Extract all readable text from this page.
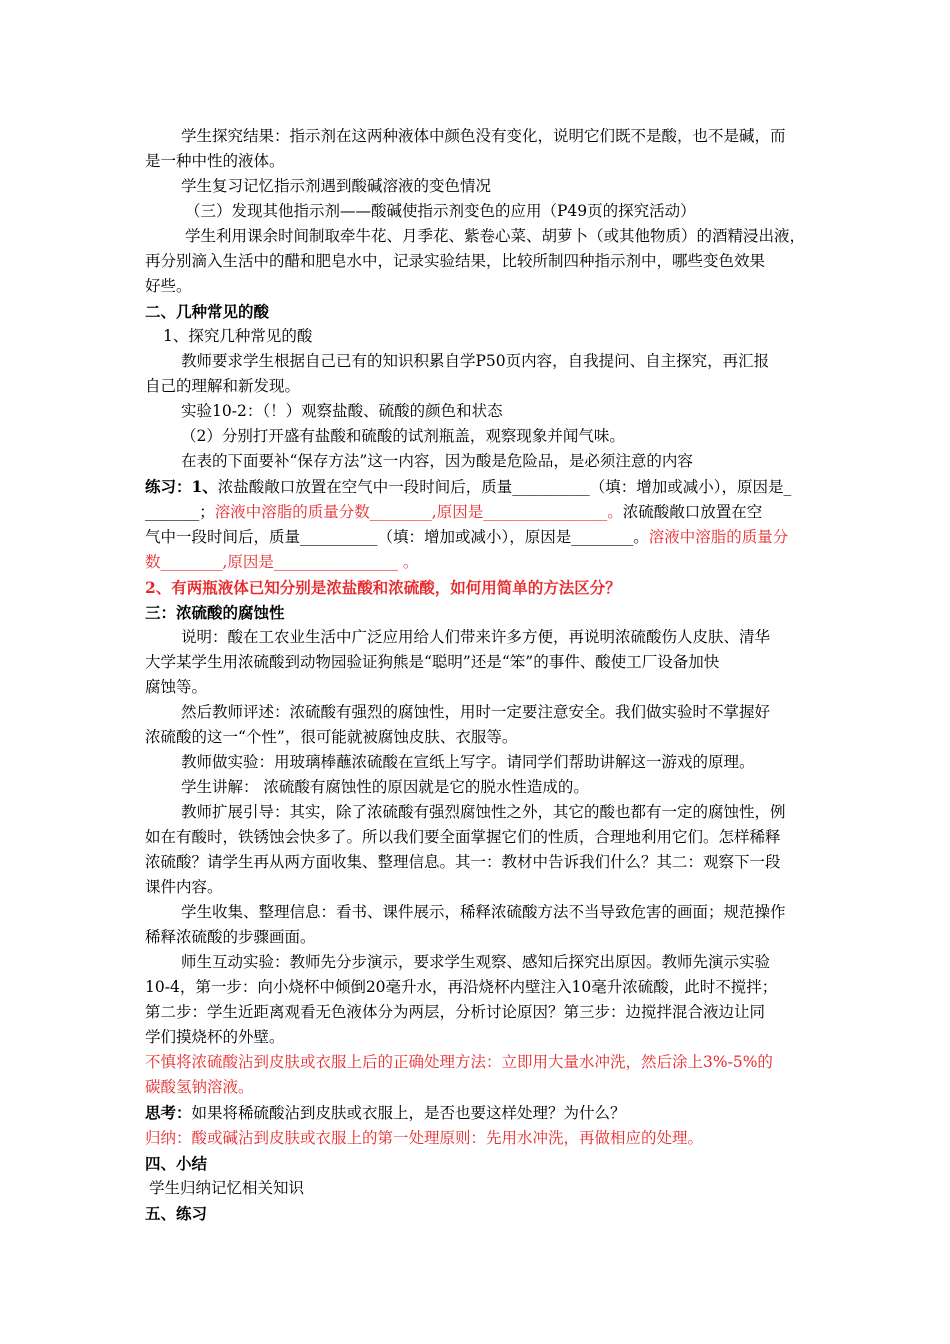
学生探究结果：指示剂在这两种液体中颜色没有变化，说明它们既不是酸，也不是碱，而
是一种中性的液体。
学生复习记忆指示剂遇到酸碱溶液的变色情况
（三）发现其他指示剂——酸碱使指示剂变色的应用（P49页的探究活动）
学生利用课余时间制取牵牛花、月季花、紫卷心菜、胡萝卜（或其他物质）的酒精浸出液，
再分别滴入生活中的醋和肥皂水中，记录实验结果，比较所制四种指示剂中，哪些变色效果
好些。
二、几种常见的酸
1、探究几种常见的酸
教师要求学生根据自己已有的知识积累自学P50页内容，自我提问、自主探究，再汇报
自己的理解和新发现。
实验10-2：（！）观察盐酸、硫酸的颜色和状态
（2）分别打开盛有盐酸和硫酸的试剂瓶盖，观察现象并闻气味。
在表的下面要补“保存方法”这一内容，因为酸是危险品，是必须注意的内容
练习：1、浓盐酸敞口放置在空气中一段时间后，质量__________（填：增加或减小），原因是_
_______；溶液中溶脂的质量分数________,原因是________________。浓硫酸敞口放置在空
气中一段时间后，质量__________（填：增加或减小），原因是________。溶液中溶脂的质量分
数________,原因是________________ 。
2、有两瓶液体已知分别是浓盐酸和浓硫酸，如何用简单的方法区分？
三：浓硫酸的腐蚀性
说明：酸在工农业生活中广泛应用给人们带来许多方便，再说明浓硫酸伤人皮肤、清华
大学某学生用浓硫酸到动物园验证狗熊是“聪明”还是“笨”的事件、酸使工厂设备加快
腐蚀等。
然后教师评述：浓硫酸有强烈的腐蚀性，用时一定要注意安全。我们做实验时不掌握好
浓硫酸的这一“个性”，很可能就被腐蚀皮肤、衣服等。
教师做实验：用玻璃棒蘸浓硫酸在宣纸上写字。请同学们帮助讲解这一游戏的原理。
学生讲解： 浓硫酸有腐蚀性的原因就是它的脱水性造成的。
教师扩展引导：其实，除了浓硫酸有强烈腐蚀性之外，其它的酸也都有一定的腐蚀性，例
如在有酸时，铁锈蚀会快多了。所以我们要全面掌握它们的性质，合理地利用它们。怎样稀释
浓硫酸？请学生再从两方面收集、整理信息。其一：教材中告诉我们什么？其二：观察下一段
课件内容。
学生收集、整理信息：看书、课件展示，稀释浓硫酸方法不当导致危害的画面；规范操作
稀释浓硫酸的步骤画面。
师生互动实验：教师先分步演示，要求学生观察、感知后探究出原因。教师先演示实验
10-4，第一步：向小烧杯中倾倒20毫升水，再沿烧杯内壁注入10毫升浓硫酸，此时不搅拌；
第二步：学生近距离观看无色液体分为两层，分析讨论原因？第三步：边搅拌混合液边让同
学们摸烧杯的外壁。
不慎将浓硫酸沾到皮肤或衣服上后的正确处理方法：立即用大量水冲洗，然后涂上3%-5%的
碳酸氢钠溶液。
思考：如果将稀硫酸沾到皮肤或衣服上，是否也要这样处理？为什么？
归纳：酸或碱沾到皮肤或衣服上的第一处理原则：先用水冲洗，再做相应的处理。
四、小结
学生归纳记忆相关知识
五、练习
